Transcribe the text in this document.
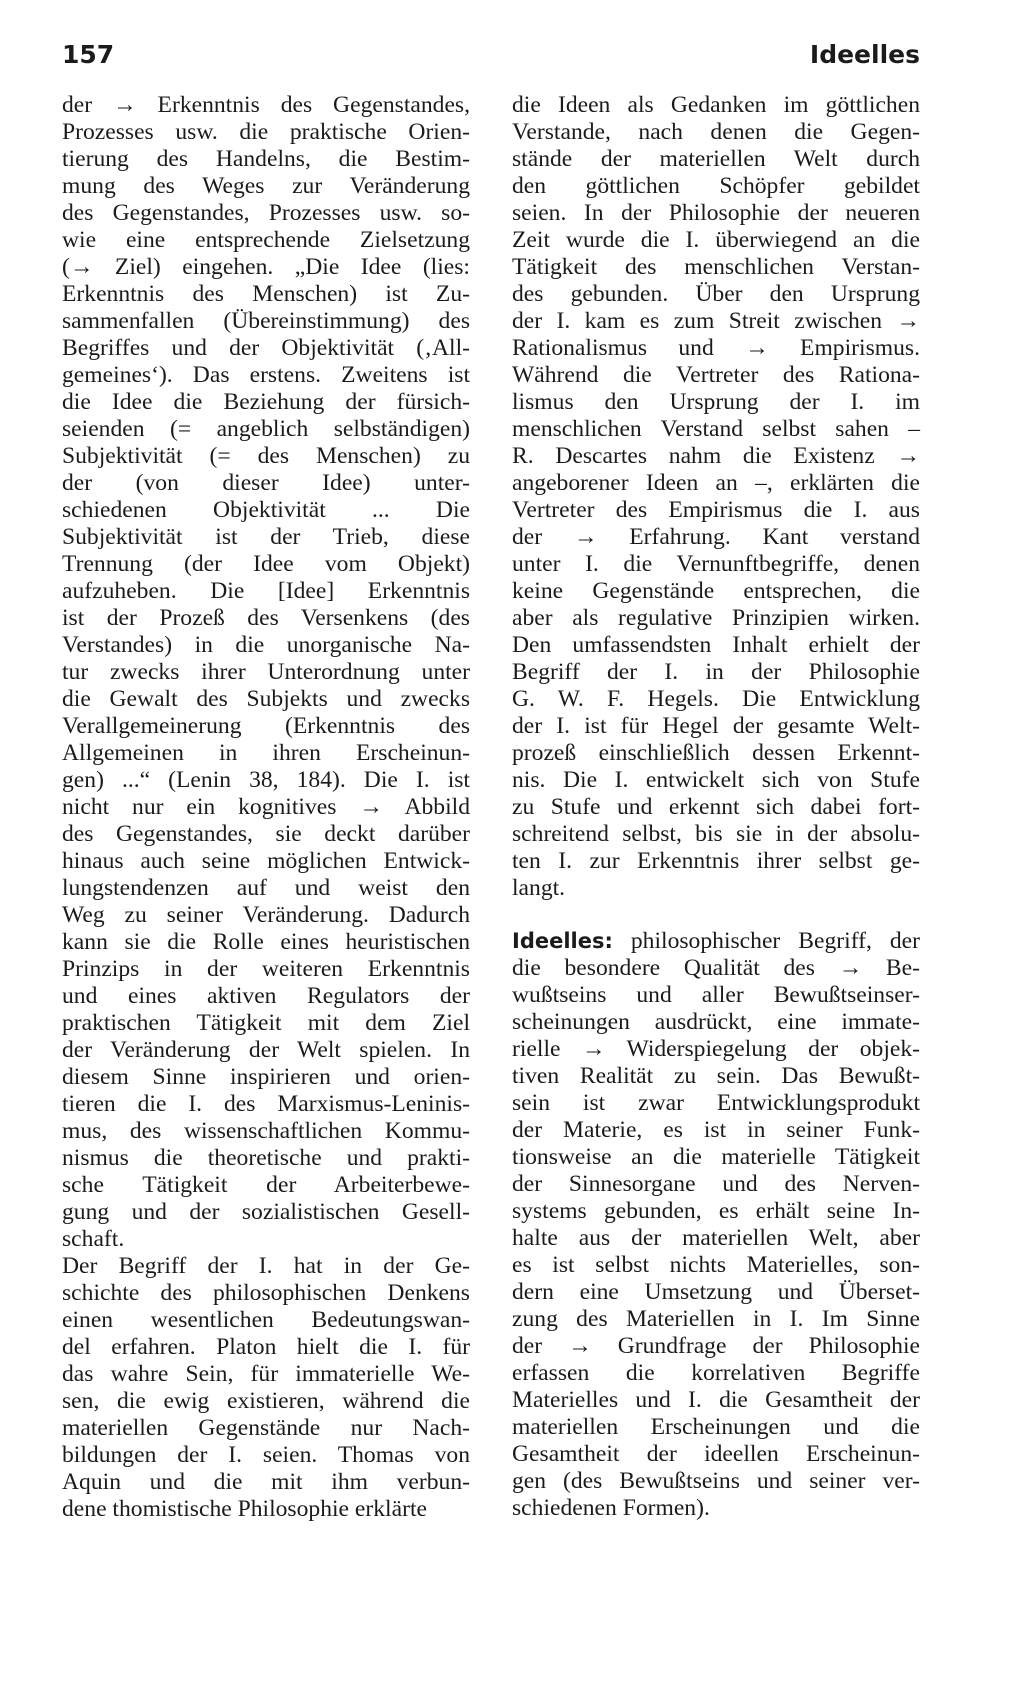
157	Ideelles
der → Erkenntnis des Gegenstandes,
Prozesses usw. die praktische Orien-
tierung des Handelns, die Bestim-
mung des Weges zur Veränderung
des Gegenstandes, Prozesses usw. so-
wie eine entsprechende Zielsetzung
(→ Ziel) eingehen. „Die Idee (lies:
Erkenntnis des Menschen) ist Zu-
sammenfallen (Übereinstimmung) des
Begriffes und der Objektivität (‚All-
gemeines‘). Das erstens. Zweitens ist
die Idee die Beziehung der fürsich-
seienden (= angeblich selbständigen)
Subjektivität (= des Menschen) zu
der (von dieser Idee) unter-
schiedenen Objektivität ... Die
Subjektivität ist der Trieb, diese
Trennung (der Idee vom Objekt)
aufzuheben. Die [Idee] Erkenntnis
ist der Prozeß des Versenkens (des
Verstandes) in die unorganische Na-
tur zwecks ihrer Unterordnung unter
die Gewalt des Subjekts und zwecks
Verallgemeinerung (Erkenntnis des
Allgemeinen in ihren Erscheinun-
gen) ...“ (Lenin 38, 184). Die I. ist
nicht nur ein kognitives → Abbild
des Gegenstandes, sie deckt darüber
hinaus auch seine möglichen Entwick-
lungstendenzen auf und weist den
Weg zu seiner Veränderung. Dadurch
kann sie die Rolle eines heuristischen
Prinzips in der weiteren Erkenntnis
und eines aktiven Regulators der
praktischen Tätigkeit mit dem Ziel
der Veränderung der Welt spielen. In
diesem Sinne inspirieren und orien-
tieren die I. des Marxismus-Leninis-
mus, des wissenschaftlichen Kommu-
nismus die theoretische und prakti-
sche Tätigkeit der Arbeiterbewe-
gung und der sozialistischen Gesell-
schaft.
Der Begriff der I. hat in der Ge-
schichte des philosophischen Denkens
einen wesentlichen Bedeutungswan-
del erfahren. Platon hielt die I. für
das wahre Sein, für immaterielle We-
sen, die ewig existieren, während die
materiellen Gegenstände nur Nach-
bildungen der I. seien. Thomas von
Aquin und die mit ihm verbun-
dene thomistische Philosophie erklärte
die Ideen als Gedanken im göttlichen
Verstande, nach denen die Gegen-
stände der materiellen Welt durch
den göttlichen Schöpfer gebildet
seien. In der Philosophie der neueren
Zeit wurde die I. überwiegend an die
Tätigkeit des menschlichen Verstan-
des gebunden. Über den Ursprung
der I. kam es zum Streit zwischen →
Rationalismus und → Empirismus.
Während die Vertreter des Rationa-
lismus den Ursprung der I. im
menschlichen Verstand selbst sahen –
R. Descartes nahm die Existenz →
angeborener Ideen an –, erklärten die
Vertreter des Empirismus die I. aus
der → Erfahrung. Kant verstand
unter I. die Vernunftbegriffe, denen
keine Gegenstände entsprechen, die
aber als regulative Prinzipien wirken.
Den umfassendsten Inhalt erhielt der
Begriff der I. in der Philosophie
G. W. F. Hegels. Die Entwicklung
der I. ist für Hegel der gesamte Welt-
prozeß einschließlich dessen Erkennt-
nis. Die I. entwickelt sich von Stufe
zu Stufe und erkennt sich dabei fort-
schreitend selbst, bis sie in der absolu-
ten I. zur Erkenntnis ihrer selbst ge-
langt.
Ideelles: philosophischer Begriff, der
die besondere Qualität des → Be-
wußtseins und aller Bewußtseinser-
scheinungen ausdrückt, eine immate-
rielle → Widerspiegelung der objek-
tiven Realität zu sein. Das Bewußt-
sein ist zwar Entwicklungsprodukt
der Materie, es ist in seiner Funk-
tionsweise an die materielle Tätigkeit
der Sinnesorgane und des Nerven-
systems gebunden, es erhält seine In-
halte aus der materiellen Welt, aber
es ist selbst nichts Materielles, son-
dern eine Umsetzung und Überset-
zung des Materiellen in I. Im Sinne
der → Grundfrage der Philosophie
erfassen die korrelativen Begriffe
Materielles und I. die Gesamtheit der
materiellen Erscheinungen und die
Gesamtheit der ideellen Erscheinun-
gen (des Bewußtseins und seiner ver-
schiedenen Formen).
